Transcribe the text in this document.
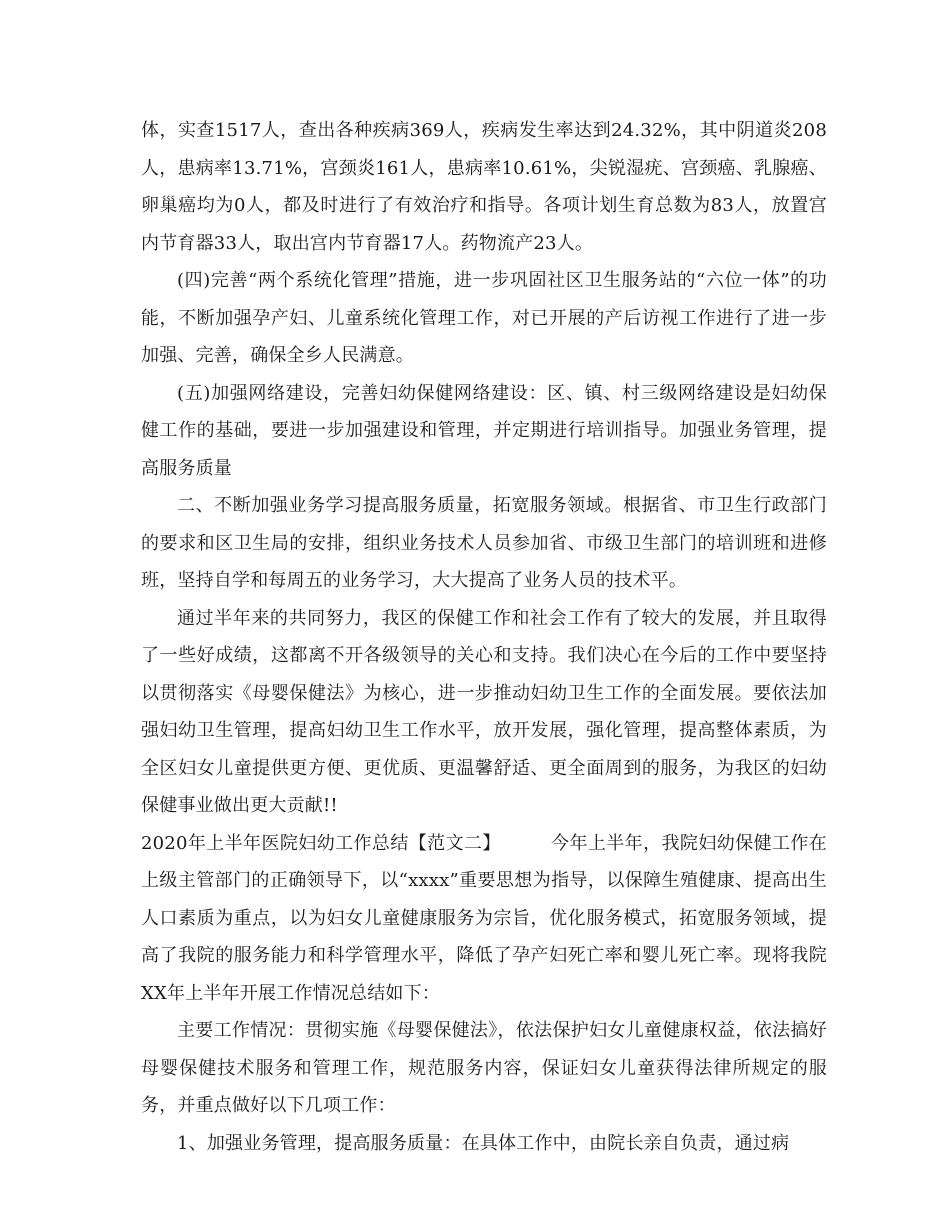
体，实查1517人，查出各种疾病369人，疾病发生率达到24.32%，其中阴道炎208人，患病率13.71%，宫颈炎161人，患病率10.61%，尖锐湿疣、宫颈癌、乳腺癌、卵巢癌均为0人，都及时进行了有效治疗和指导。各项计划生育总数为83人，放置宫内节育器33人，取出宫内节育器17人。药物流产23人。

(四)完善“两个系统化管理”措施，进一步巩固社区卫生服务站的“六位一体”的功能，不断加强孕产妇、儿童系统化管理工作，对已开展的产后访视工作进行了进一步加强、完善，确保全乡人民满意。

(五)加强网络建设，完善妇幼保健网络建设：区、镇、村三级网络建设是妇幼保健工作的基础，要进一步加强建设和管理，并定期进行培训指导。加强业务管理，提高服务质量

二、不断加强业务学习提高服务质量，拓宽服务领域。根据省、市卫生行政部门的要求和区卫生局的安排，组织业务技术人员参加省、市级卫生部门的培训班和进修班，坚持自学和每周五的业务学习，大大提高了业务人员的技术平。

通过半年来的共同努力，我区的保健工作和社会工作有了较大的发展，并且取得了一些好成绩，这都离不开各级领导的关心和支持。我们决心在今后的工作中要坚持以贯彻落实《母婴保健法》为核心，进一步推动妇幼卫生工作的全面发展。要依法加强妇幼卫生管理，提高妇幼卫生工作水平，放开发展，强化管理，提高整体素质，为全区妇女儿童提供更方便、更优质、更温馨舒适、更全面周到的服务，为我区的妇幼保健事业做出更大贡献!!

2020年上半年医院妇幼工作总结【范文二】	今年上半年，我院妇幼保健工作在上级主管部门的正确领导下，以“xxxx”重要思想为指导，以保障生殖健康、提高出生人口素质为重点，以为妇女儿童健康服务为宗旨，优化服务模式，拓宽服务领域，提高了我院的服务能力和科学管理水平，降低了孕产妇死亡率和婴儿死亡率。现将我院XX年上半年开展工作情况总结如下：

主要工作情况：贯彻实施《母婴保健法》，依法保护妇女儿童健康权益，依法搞好母婴保健技术服务和管理工作，规范服务内容，保证妇女儿童获得法律所规定的服务，并重点做好以下几项工作：

1、加强业务管理，提高服务质量：在具体工作中，由院长亲自负责，通过病
